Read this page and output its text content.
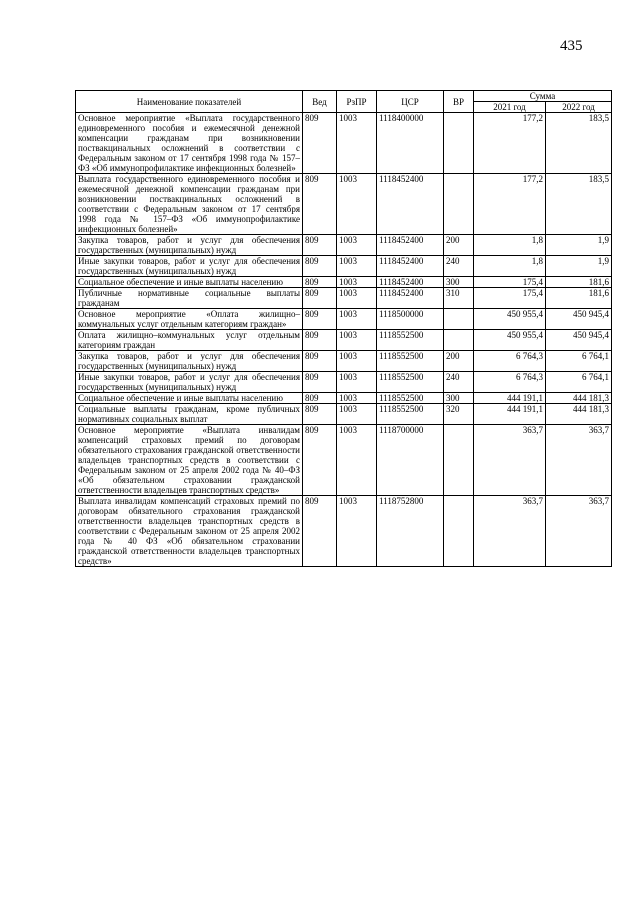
435
Наименование показателей	Вед	РзПР	ЦСР	ВР	Сумма	
					2021 год	2022 год
Основное мероприятие «Выплата государственного единовременного пособия и ежемесячной денежной компенсации гражданам при возникновении поствакцинальных осложнений в соответствии с Федеральным законом от 17 сентября 1998 года № 157–ФЗ «Об иммунопрофилактике инфекционных болезней»	809	1003	1118400000		177,2	183,5
Выплата государственного единовременного пособия и ежемесячной денежной компенсации гражданам при возникновении поствакцинальных осложнений в соответствии с Федеральным законом от 17 сентября 1998 года № 157–ФЗ «Об иммунопрофилактике инфекционных болезней»	809	1003	1118452400		177,2	183,5
Закупка товаров, работ и услуг для обеспечения государственных (муниципальных) нужд	809	1003	1118452400	200	1,8	1,9
Иные закупки товаров, работ и услуг для обеспечения государственных (муниципальных) нужд	809	1003	1118452400	240	1,8	1,9
Социальное обеспечение и иные выплаты населению	809	1003	1118452400	300	175,4	181,6
Публичные нормативные социальные выплаты гражданам	809	1003	1118452400	310	175,4	181,6
Основное мероприятие «Оплата жилищно–коммунальных услуг отдельным категориям граждан»	809	1003	1118500000		450 955,4	450 945,4
Оплата жилищно–коммунальных услуг отдельным категориям граждан	809	1003	1118552500		450 955,4	450 945,4
Закупка товаров, работ и услуг для обеспечения государственных (муниципальных) нужд	809	1003	1118552500	200	6 764,3	6 764,1
Иные закупки товаров, работ и услуг для обеспечения государственных (муниципальных) нужд	809	1003	1118552500	240	6 764,3	6 764,1
Социальное обеспечение и иные выплаты населению	809	1003	1118552500	300	444 191,1	444 181,3
Социальные выплаты гражданам, кроме публичных нормативных социальных выплат	809	1003	1118552500	320	444 191,1	444 181,3
Основное мероприятие «Выплата инвалидам компенсаций страховых премий по договорам обязательного страхования гражданской ответственности владельцев транспортных средств в соответствии с Федеральным законом от 25 апреля 2002 года № 40–ФЗ «Об обязательном страховании гражданской ответственности владельцев транспортных средств»	809	1003	1118700000		363,7	363,7
Выплата инвалидам компенсаций страховых премий по договорам обязательного страхования гражданской ответственности владельцев транспортных средств в соответствии с Федеральным законом от 25 апреля 2002 года № 40 ФЗ «Об обязательном страховании гражданской ответственности владельцев транспортных средств»	809	1003	1118752800		363,7	363,7
